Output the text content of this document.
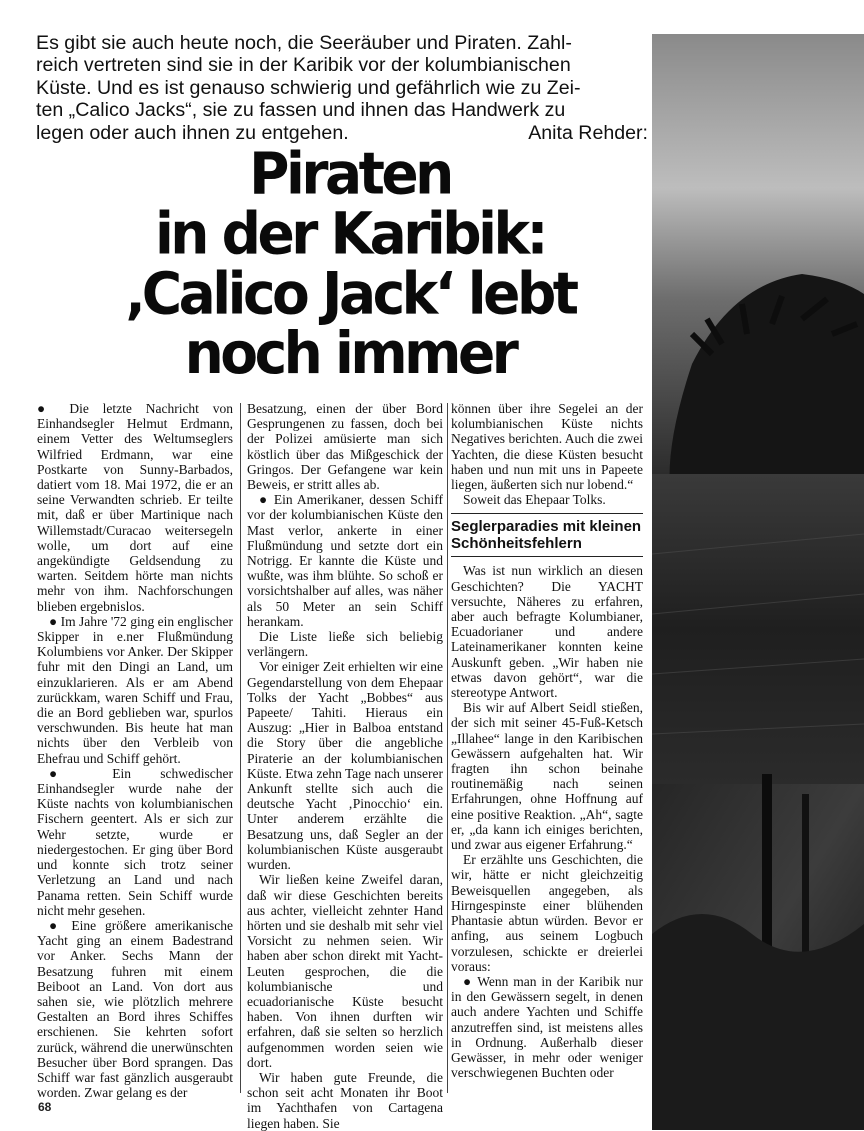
Es gibt sie auch heute noch, die Seeräuber und Piraten. Zahl-
reich vertreten sind sie in der Karibik vor der kolumbianischen
Küste. Und es ist genauso schwierig und gefährlich wie zu Zei-
ten „Calico Jacks“, sie zu fassen und ihnen das Handwerk zu
legen oder auch ihnen zu entgehen.	Anita Rehder:
Piraten
in der Karibik:
‚Calico Jack‘ lebt
noch immer

● Die letzte Nachricht von Einhandsegler Helmut Erdmann, einem Vetter des Weltumseglers Wilfried Erdmann, war eine Postkarte von Sunny-Barbados, datiert vom 18. Mai 1972, die er an seine Verwandten schrieb. Er teilte mit, daß er über Martinique nach Willemstadt/Curacao weitersegeln wolle, um dort auf eine angekündigte Geldsendung zu warten. Seitdem hörte man nichts mehr von ihm. Nachforschungen blieben ergebnislos.

● Im Jahre '72 ging ein englischer Skipper in e.ner Flußmündung Kolumbiens vor Anker. Der Skipper fuhr mit den Dingi an Land, um einzuklarieren. Als er am Abend zurückkam, waren Schiff und Frau, die an Bord geblieben war, spurlos verschwunden. Bis heute hat man nichts über den Verbleib von Ehefrau und Schiff gehört.

● Ein schwedischer Einhandsegler wurde nahe der Küste nachts von kolumbianischen Fischern geentert. Als er sich zur Wehr setzte, wurde er niedergestochen. Er ging über Bord und konnte sich trotz seiner Verletzung an Land und nach Panama retten. Sein Schiff wurde nicht mehr gesehen.

● Eine größere amerikanische Yacht ging an einem Badestrand vor Anker. Sechs Mann der Besatzung fuhren mit einem Beiboot an Land. Von dort aus sahen sie, wie plötzlich mehrere Gestalten an Bord ihres Schiffes erschienen. Sie kehrten sofort zurück, während die unerwünschten Besucher über Bord sprangen. Das Schiff war fast gänzlich ausgeraubt worden. Zwar gelang es der

Besatzung, einen der über Bord Gesprungenen zu fassen, doch bei der Polizei amüsierte man sich köstlich über das Mißgeschick der Gringos. Der Gefangene war kein Beweis, er stritt alles ab.

● Ein Amerikaner, dessen Schiff vor der kolumbianischen Küste den Mast verlor, ankerte in einer Flußmündung und setzte dort ein Notrigg. Er kannte die Küste und wußte, was ihm blühte. So schoß er vorsichtshalber auf alles, was näher als 50 Meter an sein Schiff herankam.

Die Liste ließe sich beliebig verlängern.

Vor einiger Zeit erhielten wir eine Gegendarstellung von dem Ehepaar Tolks der Yacht „Bobbes“ aus Papeete/ Tahiti. Hieraus ein Auszug: „Hier in Balboa entstand die Story über die angebliche Piraterie an der kolumbianischen Küste. Etwa zehn Tage nach unserer Ankunft stellte sich auch die deutsche Yacht ‚Pinocchio‘ ein. Unter anderem erzählte die Besatzung uns, daß Segler an der kolumbianischen Küste ausgeraubt wurden.

Wir ließen keine Zweifel daran, daß wir diese Geschichten bereits aus achter, vielleicht zehnter Hand hörten und sie deshalb mit sehr viel Vorsicht zu nehmen seien. Wir haben aber schon direkt mit Yacht-Leuten gesprochen, die die kolumbianische und ecuadorianische Küste besucht haben. Von ihnen durften wir erfahren, daß sie selten so herzlich aufgenommen worden seien wie dort.

Wir haben gute Freunde, die schon seit acht Monaten ihr Boot im Yachthafen von Cartagena liegen haben. Sie

können über ihre Segelei an der kolumbianischen Küste nichts Negatives berichten. Auch die zwei Yachten, die diese Küsten besucht haben und nun mit uns in Papeete liegen, äußerten sich nur lobend.“

Soweit das Ehepaar Tolks.

Seglerparadies mit kleinen Schönheitsfehlern

Was ist nun wirklich an diesen Geschichten? Die YACHT versuchte, Näheres zu erfahren, aber auch befragte Kolumbianer, Ecuadorianer und andere Lateinamerikaner konnten keine Auskunft geben. „Wir haben nie etwas davon gehört“, war die stereotype Antwort.

Bis wir auf Albert Seidl stießen, der sich mit seiner 45-Fuß-Ketsch „Illahee“ lange in den Karibischen Gewässern aufgehalten hat. Wir fragten ihn schon beinahe routinemäßig nach seinen Erfahrungen, ohne Hoffnung auf eine positive Reaktion. „Ah“, sagte er, „da kann ich einiges berichten, und zwar aus eigener Erfahrung.“

Er erzählte uns Geschichten, die wir, hätte er nicht gleichzeitig Beweisquellen angegeben, als Hirngespinste einer blühenden Phantasie abtun würden. Bevor er anfing, aus seinem Logbuch vorzulesen, schickte er dreierlei voraus:

● Wenn man in der Karibik nur in den Gewässern segelt, in denen auch andere Yachten und Schiffe anzutreffen sind, ist meistens alles in Ordnung. Außerhalb dieser Gewässer, in mehr oder weniger verschwiegenen Buchten oder

68
